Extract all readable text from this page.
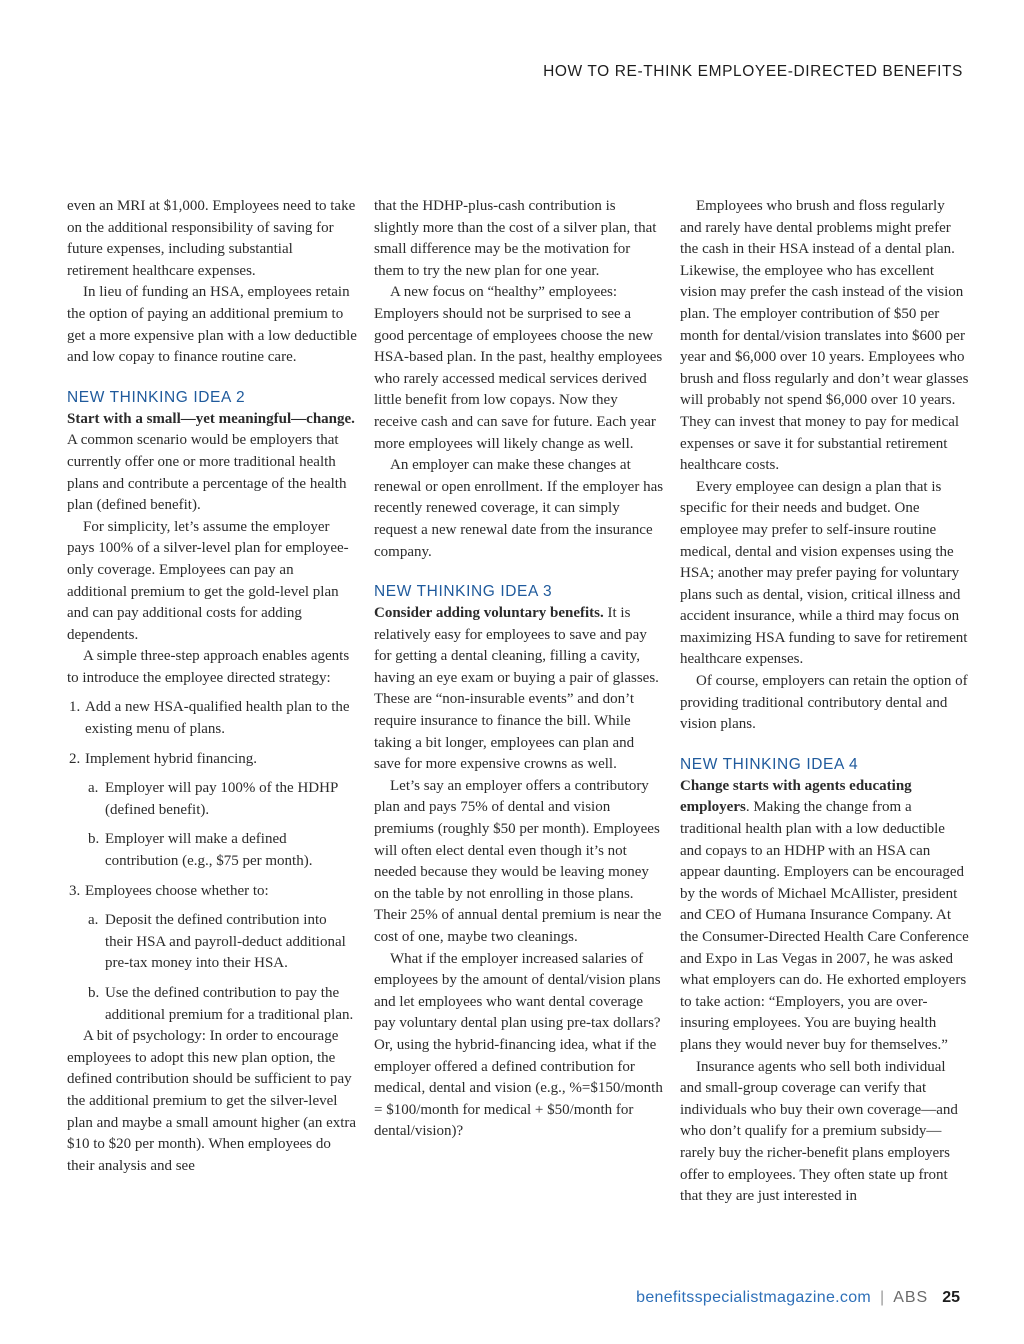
HOW TO RE-THINK EMPLOYEE-DIRECTED BENEFITS

even an MRI at $1,000. Employees need to take on the additional responsibility of saving for future expenses, including substantial retirement healthcare expenses.

In lieu of funding an HSA, employees retain the option of paying an additional premium to get a more expensive plan with a low deductible and low copay to finance routine care.

NEW THINKING IDEA 2

Start with a small—yet meaningful—change. A common scenario would be employers that currently offer one or more traditional health plans and contribute a percentage of the health plan (defined benefit).

For simplicity, let’s assume the employer pays 100% of a silver-level plan for employee-only coverage. Employees can pay an additional premium to get the gold-level plan and can pay additional costs for adding dependents.

A simple three-step approach enables agents to introduce the employee directed strategy:

1. Add a new HSA-qualified health plan to the existing menu of plans.
2. Implement hybrid financing.
a. Employer will pay 100% of the HDHP (defined benefit).
b. Employer will make a defined contribution (e.g., $75 per month).
3. Employees choose whether to:
a. Deposit the defined contribution into their HSA and payroll-deduct additional pre-tax money into their HSA.
b. Use the defined contribution to pay the additional premium for a traditional plan.

A bit of psychology: In order to encourage employees to adopt this new plan option, the defined contribution should be sufficient to pay the additional premium to get the silver-level plan and maybe a small amount higher (an extra $10 to $20 per month). When employees do their analysis and see

that the HDHP-plus-cash contribution is slightly more than the cost of a silver plan, that small difference may be the motivation for them to try the new plan for one year.

A new focus on “healthy” employees: Employers should not be surprised to see a good percentage of employees choose the new HSA-based plan. In the past, healthy employees who rarely accessed medical services derived little benefit from low copays. Now they receive cash and can save for future. Each year more employees will likely change as well.

An employer can make these changes at renewal or open enrollment. If the employer has recently renewed coverage, it can simply request a new renewal date from the insurance company.

NEW THINKING IDEA 3

Consider adding voluntary benefits. It is relatively easy for employees to save and pay for getting a dental cleaning, filling a cavity, having an eye exam or buying a pair of glasses. These are “non-insurable events” and don’t require insurance to finance the bill. While taking a bit longer, employees can plan and save for more expensive crowns as well.

Let’s say an employer offers a contributory plan and pays 75% of dental and vision premiums (roughly $50 per month). Employees will often elect dental even though it’s not needed because they would be leaving money on the table by not enrolling in those plans. Their 25% of annual dental premium is near the cost of one, maybe two cleanings.

What if the employer increased salaries of employees by the amount of dental/vision plans and let employees who want dental coverage pay voluntary dental plan using pre-tax dollars? Or, using the hybrid-financing idea, what if the employer offered a defined contribution for medical, dental and vision (e.g., %=$150/month = $100/month for medical + $50/month for dental/vision)?

Employees who brush and floss regularly and rarely have dental problems might prefer the cash in their HSA instead of a dental plan. Likewise, the employee who has excellent vision may prefer the cash instead of the vision plan. The employer contribution of $50 per month for dental/vision translates into $600 per year and $6,000 over 10 years. Employees who brush and floss regularly and don’t wear glasses will probably not spend $6,000 over 10 years. They can invest that money to pay for medical expenses or save it for substantial retirement healthcare costs.

Every employee can design a plan that is specific for their needs and budget. One employee may prefer to self-insure routine medical, dental and vision expenses using the HSA; another may prefer paying for voluntary plans such as dental, vision, critical illness and accident insurance, while a third may focus on maximizing HSA funding to save for retirement healthcare expenses.

Of course, employers can retain the option of providing traditional contributory dental and vision plans.

NEW THINKING IDEA 4

Change starts with agents educating employers. Making the change from a traditional health plan with a low deductible and copays to an HDHP with an HSA can appear daunting. Employers can be encouraged by the words of Michael McAllister, president and CEO of Humana Insurance Company. At the Consumer-Directed Health Care Conference and Expo in Las Vegas in 2007, he was asked what employers can do. He exhorted employers to take action: “Employers, you are over-insuring employees. You are buying health plans they would never buy for themselves.”

Insurance agents who sell both individual and small-group coverage can verify that individuals who buy their own coverage—and who don’t qualify for a premium subsidy—rarely buy the richer-benefit plans employers offer to employees. They often state up front that they are just interested in

benefitsspecialistmagazine.com | ABS 25
